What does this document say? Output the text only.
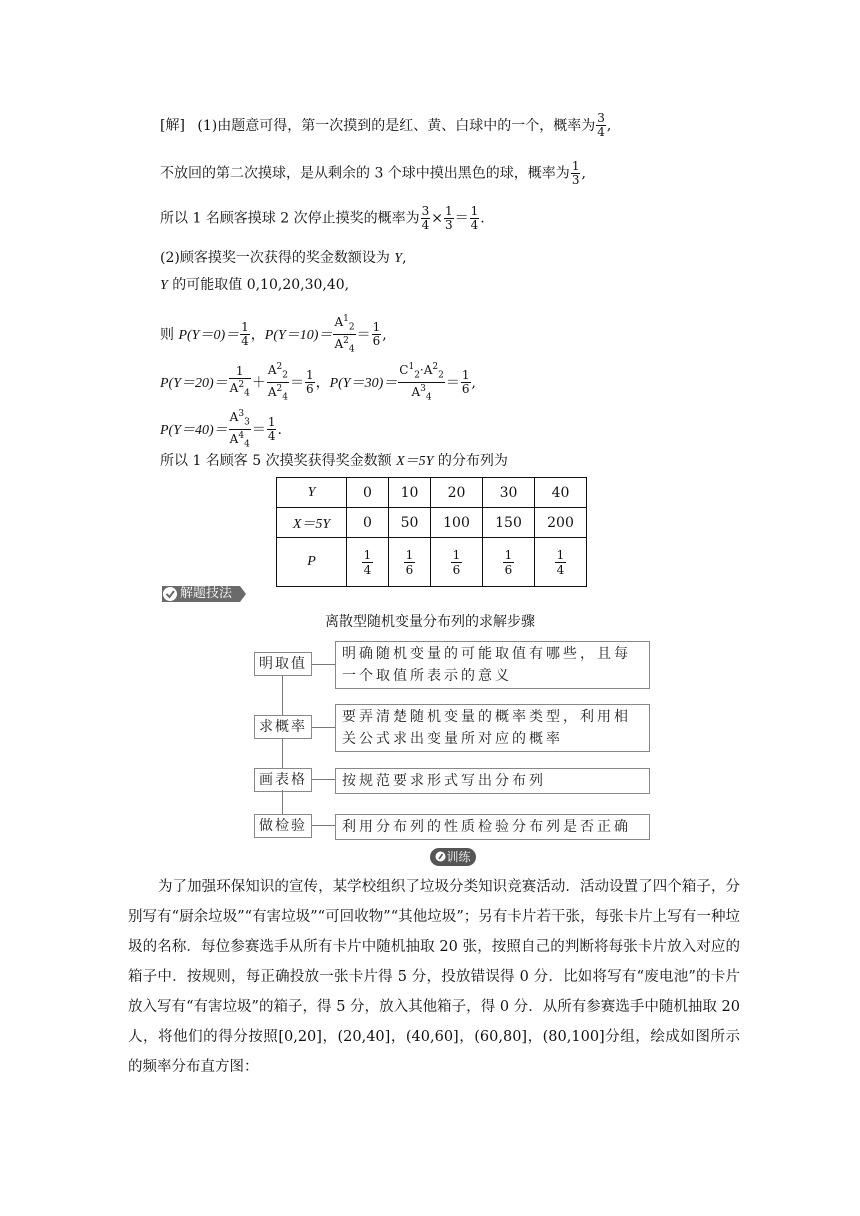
[解] (1)由题意可得，第一次摸到的是红、黄、白球中的一个，概率为 $\frac{3}{4}$ ,
不放回的第二次摸球，是从剩余的 3 个球中摸出黑色的球，概率为 $\frac{1}{3}$ ,
所以 1 名顾客摸球 2 次停止摸奖的概率为 $\frac{3}{4} \times \frac{1}{3} = \frac{1}{4}$ .
(2)顾客摸奖一次获得的奖金数额设为 Y,
Y 的可能取值 0,10,20,30,40,
则 $P(Y=0)= \frac{1}{4}$ ，$P(Y=10)= \frac{A^1_2}{A^2_4} = \frac{1}{6}$ ,
$P(Y=20)= \frac{1}{A^2_4} + \frac{A^2_2}{A^2_4} = \frac{1}{6}$ ，$P(Y=30)= \frac{C^1_2\cdot A^2_2}{A^3_4} = \frac{1}{6}$ ,
$P(Y=40)= \frac{A^3_3}{A^4_4} = \frac{1}{4}$ .
所以 1 名顾客 5 次摸奖获得奖金数额 X＝5Y 的分布列为
Y	0	10	20	30	40
X＝5Y	0	50	100	150	200
P	$\frac{1}{4}$	$\frac{1}{6}$	$\frac{1}{6}$	$\frac{1}{6}$	$\frac{1}{4}$
解题技法
离散型随机变量分布列的求解步骤
明取值
明确随机变量的可能取值有哪些，且每一个取值所表示的意义
求概率
要弄清楚随机变量的概率类型，利用相关公式求出变量所对应的概率
画表格	按规范要求形式写出分布列
做检验	利用分布列的性质检验分布列是否正确
训练
为了加强环保知识的宣传，某学校组织了垃圾分类知识竞赛活动．活动设置了四个箱子，分别写有“厨余垃圾”“有害垃圾”“可回收物”“其他垃圾”；另有卡片若干张，每张卡片上写有一种垃圾的名称．每位参赛选手从所有卡片中随机抽取 20 张，按照自己的判断将每张卡片放入对应的箱子中．按规则，每正确投放一张卡片得 5 分，投放错误得 0 分．比如将写有“废电池”的卡片放入写有“有害垃圾”的箱子，得 5 分，放入其他箱子，得 0 分．从所有参赛选手中随机抽取 20 人，将他们的得分按照[0,20]，(20,40]，(40,60]，(60,80]，(80,100]分组，绘成如图所示的频率分布直方图：
